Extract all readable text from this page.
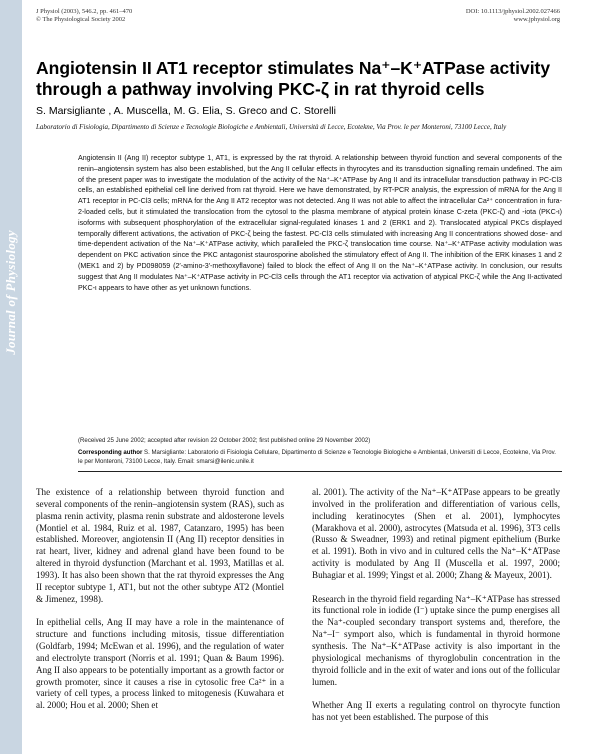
Journal of Physiology
J Physiol (2003), 546.2, pp. 461–470
© The Physiological Society 2002
DOI: 10.1113/jphysiol.2002.027466
www.jphysiol.org
Angiotensin II AT1 receptor stimulates Na⁺–K⁺ATPase activity through a pathway involving PKC-ζ in rat thyroid cells
S. Marsigliante , A. Muscella, M. G. Elia, S. Greco and C. Storelli
Laboratorio di Fisiologia, Dipartimento di Scienze e Tecnologie Biologiche e Ambientali, Università di Lecce, Ecotekne, Via Prov. le per Monteroni, 73100 Lecce, Italy

Angiotensin II (Ang II) receptor subtype 1, AT1, is expressed by the rat thyroid. A relationship between thyroid function and several components of the renin–angiotensin system has also been established, but the Ang II cellular effects in thyrocytes and its transduction signalling remain undefined. The aim of the present paper was to investigate the modulation of the activity of the Na⁺–K⁺ATPase by Ang II and its intracellular transduction pathway in PC-Cl3 cells, an established epithelial cell line derived from rat thyroid. Here we have demonstrated, by RT-PCR analysis, the expression of mRNA for the Ang II AT1 receptor in PC-Cl3 cells; mRNA for the Ang II AT2 receptor was not detected. Ang II was not able to affect the intracellular Ca²⁺ concentration in fura-2-loaded cells, but it stimulated the translocation from the cytosol to the plasma membrane of atypical protein kinase C-zeta (PKC-ζ) and -iota (PKC-ι) isoforms with subsequent phosphorylation of the extracellular signal-regulated kinases 1 and 2 (ERK1 and 2). Translocated atypical PKCs displayed temporally different activations, the activation of PKC-ζ being the fastest. PC-Cl3 cells stimulated with increasing Ang II concentrations showed dose- and time-dependent activation of the Na⁺–K⁺ATPase activity, which paralleled the PKC-ζ translocation time course. Na⁺–K⁺ATPase activity modulation was dependent on PKC activation since the PKC antagonist staurosporine abolished the stimulatory effect of Ang II. The inhibition of the ERK kinases 1 and 2 (MEK1 and 2) by PD098059 (2′-amino-3′-methoxyflavone) failed to block the effect of Ang II on the Na⁺–K⁺ATPase activity. In conclusion, our results suggest that Ang II modulates Na⁺–K⁺ATPase activity in PC-Cl3 cells through the AT1 receptor via activation of atypical PKC-ζ while the Ang II-activated PKC-ι appears to have other as yet unknown functions.

(Received 25 June 2002; accepted after revision 22 October 2002; first published online 29 November 2002)

Corresponding author S. Marsigliante: Laboratorio di Fisiologia Cellulare, Dipartimento di Scienze e Tecnologie Biologiche e Ambientali, Universitì di Lecce, Ecotekne, Via Prov. le per Monteroni, 73100 Lecce, Italy. Email: smarsi@ilenic.unile.it

The existence of a relationship between thyroid function and several components of the renin–angiotensin system (RAS), such as plasma renin activity, plasma renin substrate and aldosterone levels (Montiel et al. 1984, Ruiz et al. 1987, Catanzaro, 1995) has been established. Moreover, angiotensin II (Ang II) receptor densities in rat heart, liver, kidney and adrenal gland have been found to be altered in thyroid dysfunction (Marchant et al. 1993, Matillas et al. 1993). It has also been shown that the rat thyroid expresses the Ang II receptor subtype 1, AT1, but not the other subtype AT2 (Montiel & Jimenez, 1998).

In epithelial cells, Ang II may have a role in the maintenance of structure and functions including mitosis, tissue differentiation (Goldfarb, 1994; McEwan et al. 1996), and the regulation of water and electrolyte transport (Norris et al. 1991; Quan & Baum 1996). Ang II also appears to be potentially important as a growth factor or growth promoter, since it causes a rise in cytosolic free Ca²⁺ in a variety of cell types, a process linked to mitogenesis (Kuwahara et al. 2000; Hou et al. 2000; Shen et

al. 2001). The activity of the Na⁺–K⁺ATPase appears to be greatly involved in the proliferation and differentiation of various cells, including keratinocytes (Shen et al. 2001), lymphocytes (Marakhova et al. 2000), astrocytes (Matsuda et al. 1996), 3T3 cells (Russo & Sweadner, 1993) and retinal pigment epithelium (Burke et al. 1991). Both in vivo and in cultured cells the Na⁺–K⁺ATPase activity is modulated by Ang II (Muscella et al. 1997, 2000; Buhagiar et al. 1999; Yingst et al. 2000; Zhang & Mayeux, 2001).

Research in the thyroid field regarding Na⁺–K⁺ATPase has stressed its functional role in iodide (I⁻) uptake since the pump energises all the Na⁺-coupled secondary transport systems and, therefore, the Na⁺–I⁻ symport also, which is fundamental in thyroid hormone synthesis. The Na⁺–K⁺ATPase activity is also important in the physiological mechanisms of thyroglobulin concentration in the thyroid follicle and in the exit of water and ions out of the follicular lumen.

Whether Ang II exerts a regulating control on thyrocyte function has not yet been established. The purpose of this
